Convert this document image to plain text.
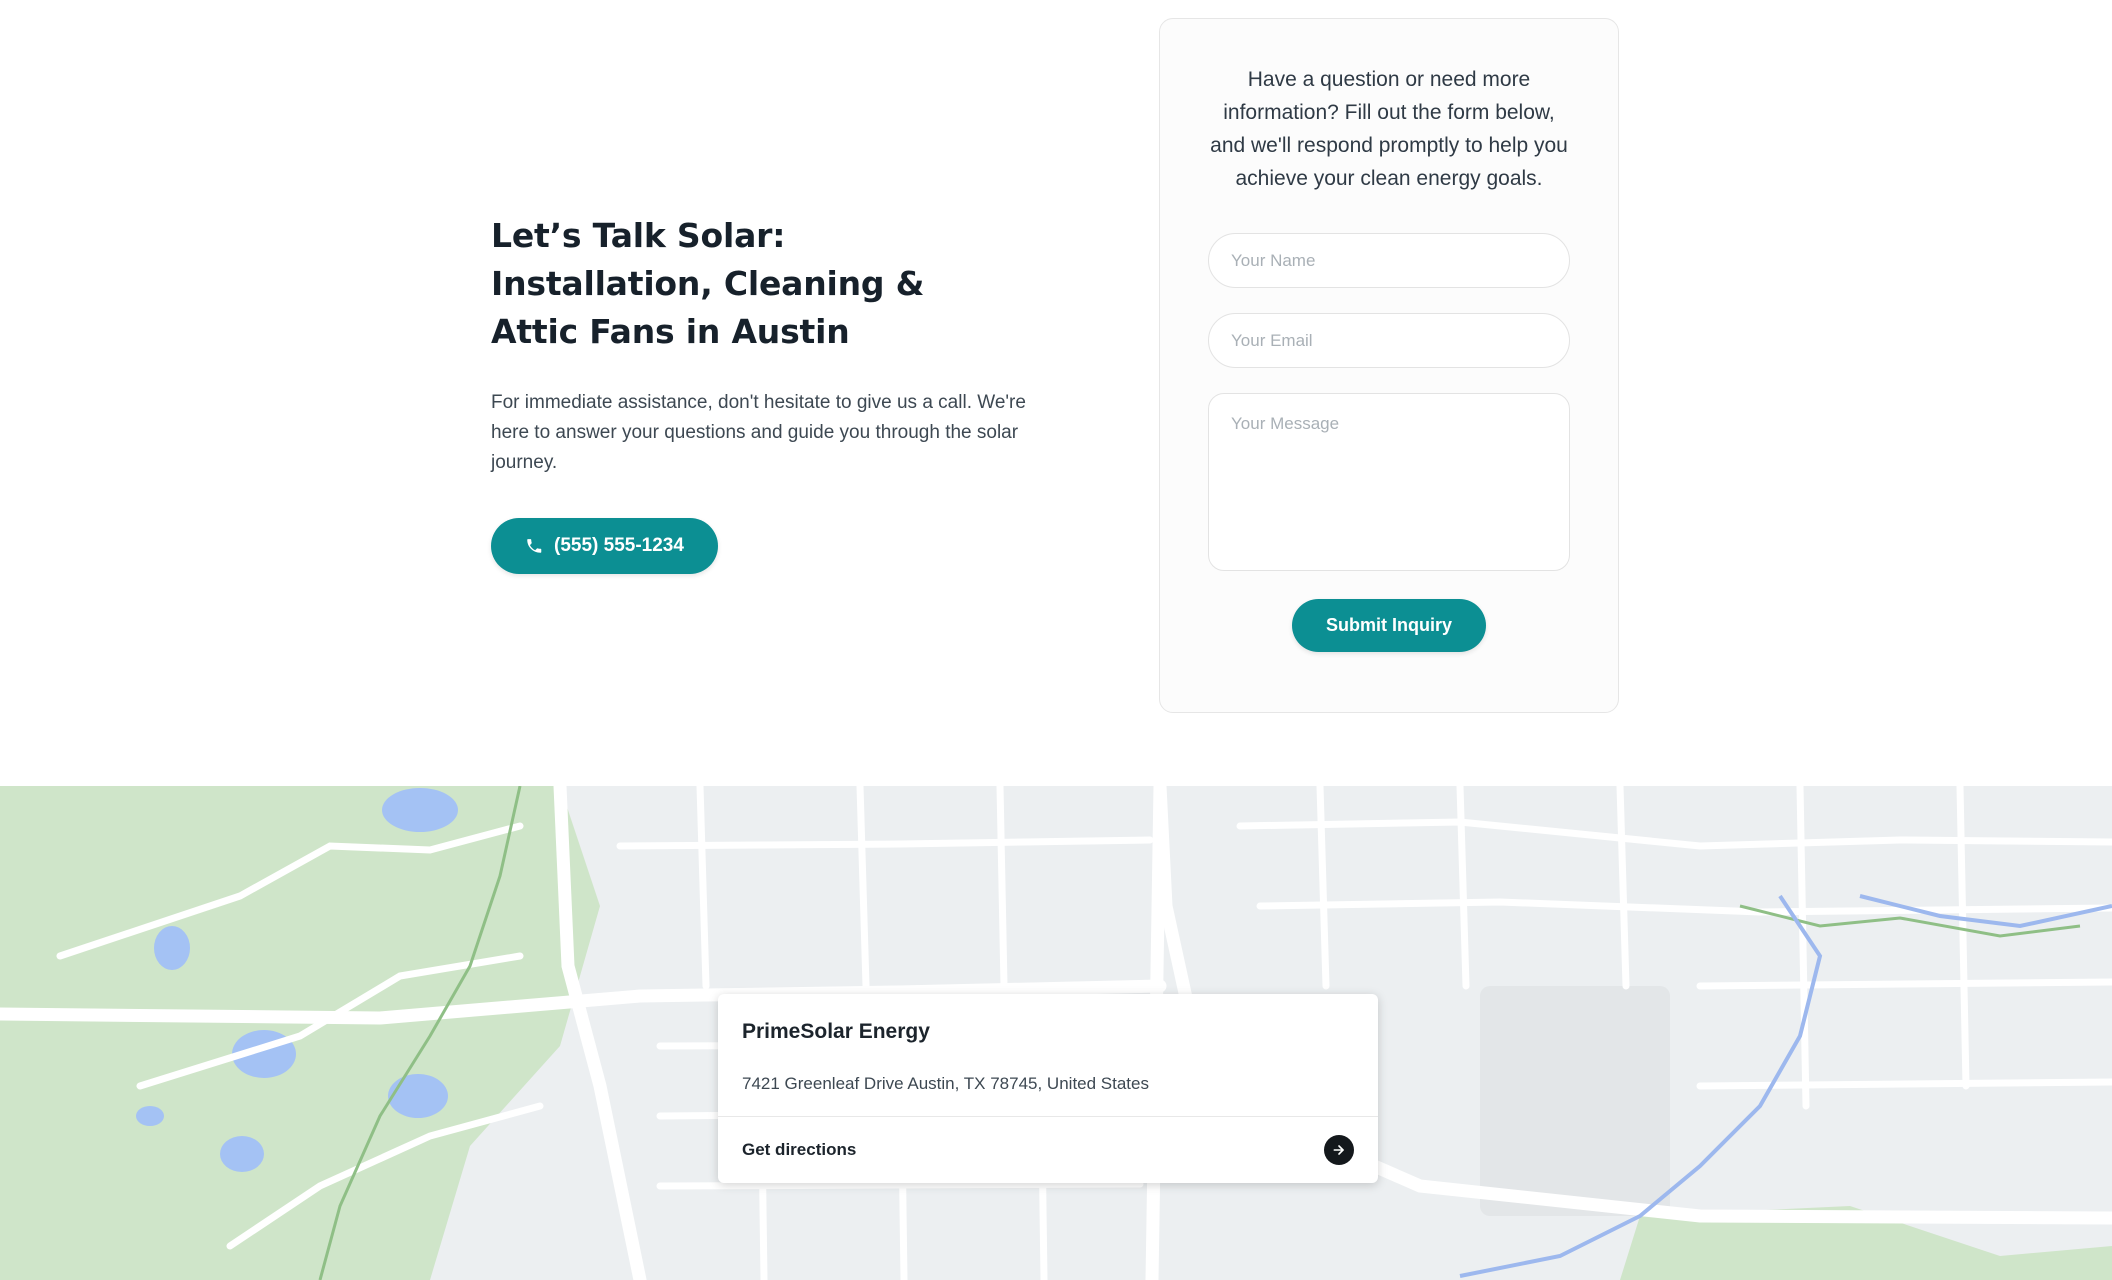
Let’s Talk Solar: Installation, Cleaning & Attic Fans in Austin

For immediate assistance, don't hesitate to give us a call. We're here to answer your questions and guide you through the solar journey.

(555) 555-1234

Have a question or need more information? Fill out the form below, and we'll respond promptly to help you achieve your clean energy goals.

Your Name
Your Email
Your Message
Submit Inquiry
PrimeSolar Energy

7421 Greenleaf Drive Austin, TX 78745, United States

Get directions
